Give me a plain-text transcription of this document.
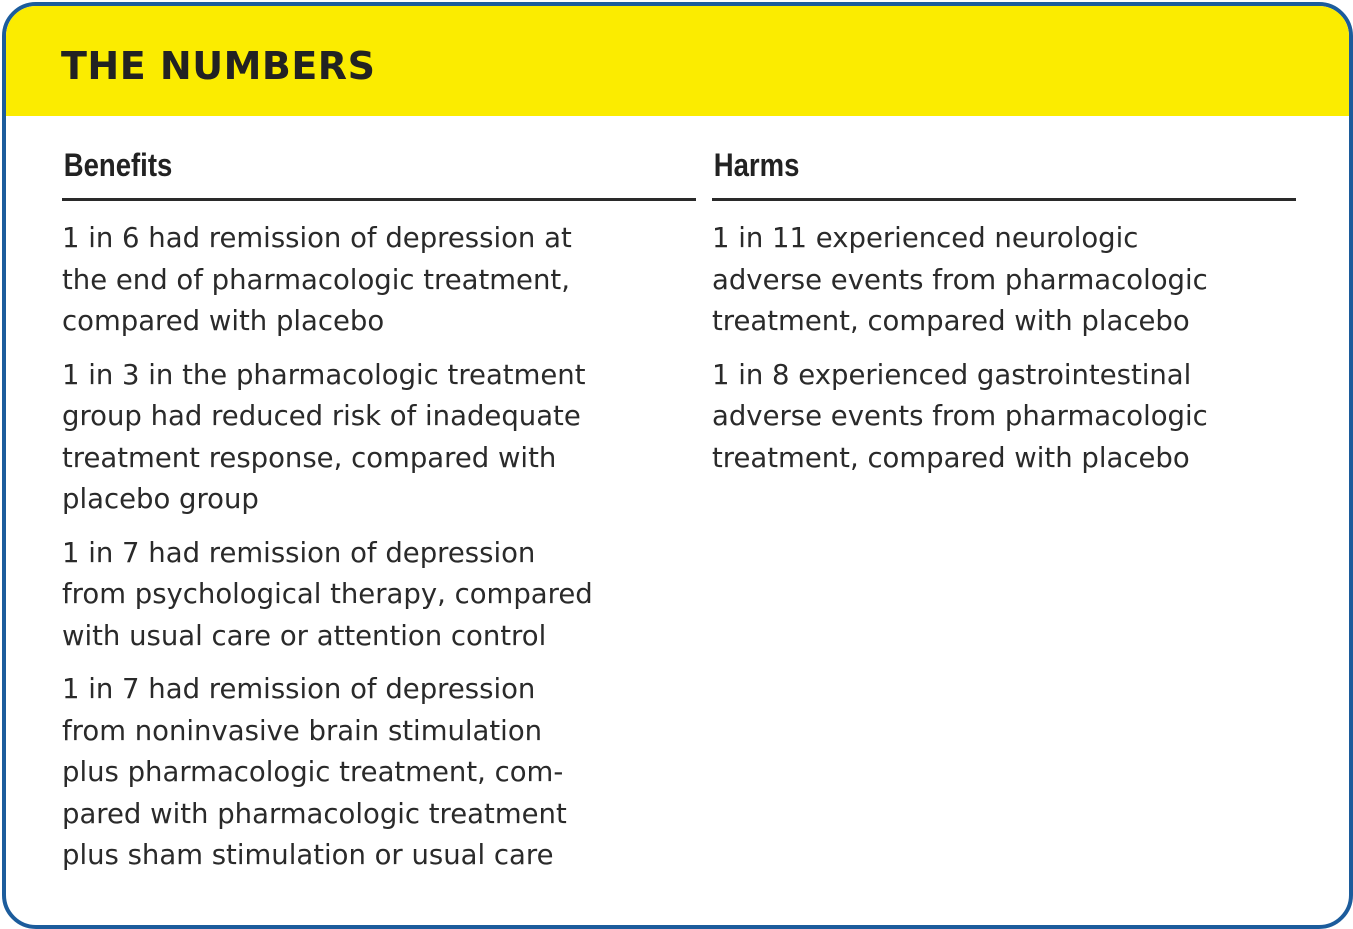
THE NUMBERS
Benefits	Harms
1 in 6 had remission of depression at
the end of pharmacologic treatment,
compared with placebo
1 in 3 in the pharmacologic treatment
group had reduced risk of inadequate
treatment response, compared with
placebo group
1 in 7 had remission of depression
from psychological therapy, compared
with usual care or attention control
1 in 7 had remission of depression
from noninvasive brain stimulation
plus pharmacologic treatment, com-
pared with pharmacologic treatment
plus sham stimulation or usual care
1 in 11 experienced neurologic
adverse events from pharmacologic
treatment, compared with placebo
1 in 8 experienced gastrointestinal
adverse events from pharmacologic
treatment, compared with placebo
